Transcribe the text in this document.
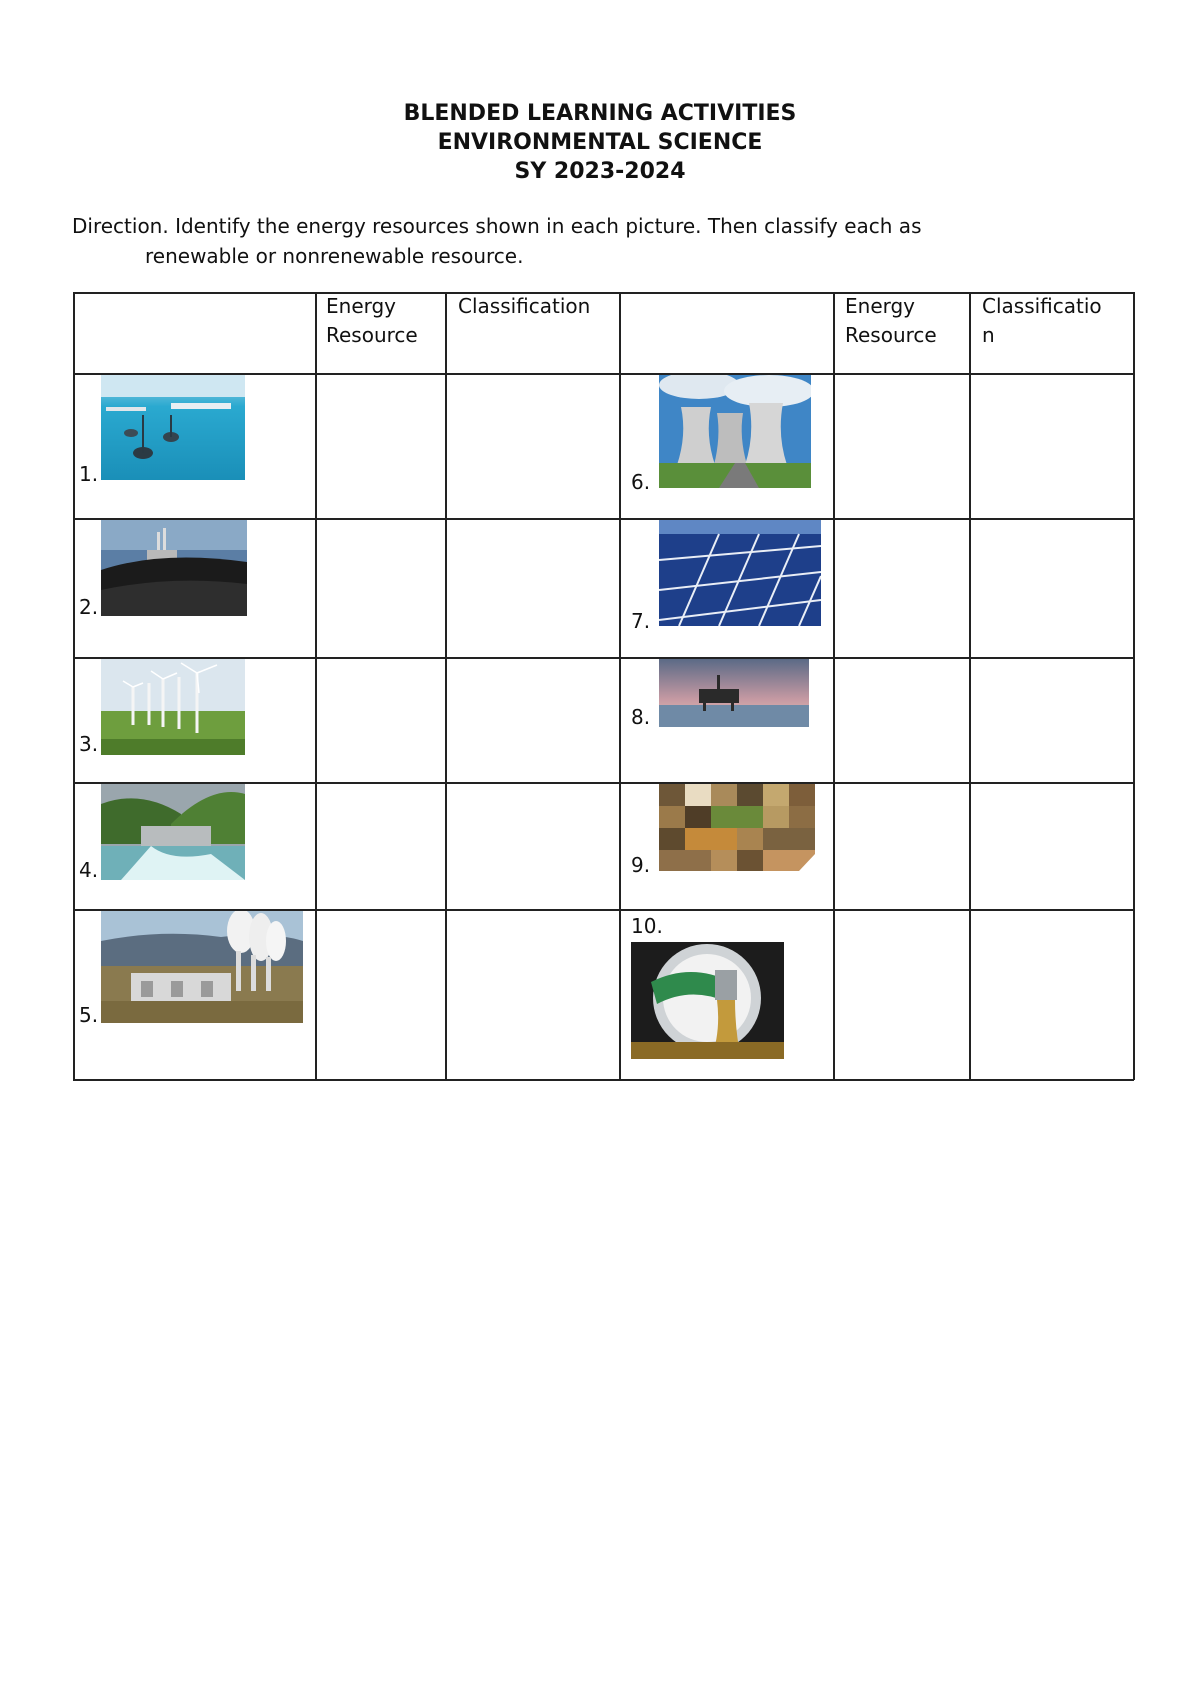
BLENDED LEARNING ACTIVITIES
ENVIRONMENTAL SCIENCE
SY 2023-2024
Direction. Identify the energy resources shown in each picture. Then classify each as
renewable or nonrenewable resource.
Energy
Resource
Classification	Energy
Resource
Classificatio
n
1.
2.
3.
4.
5.
6.
7.
8.
9.
10.
